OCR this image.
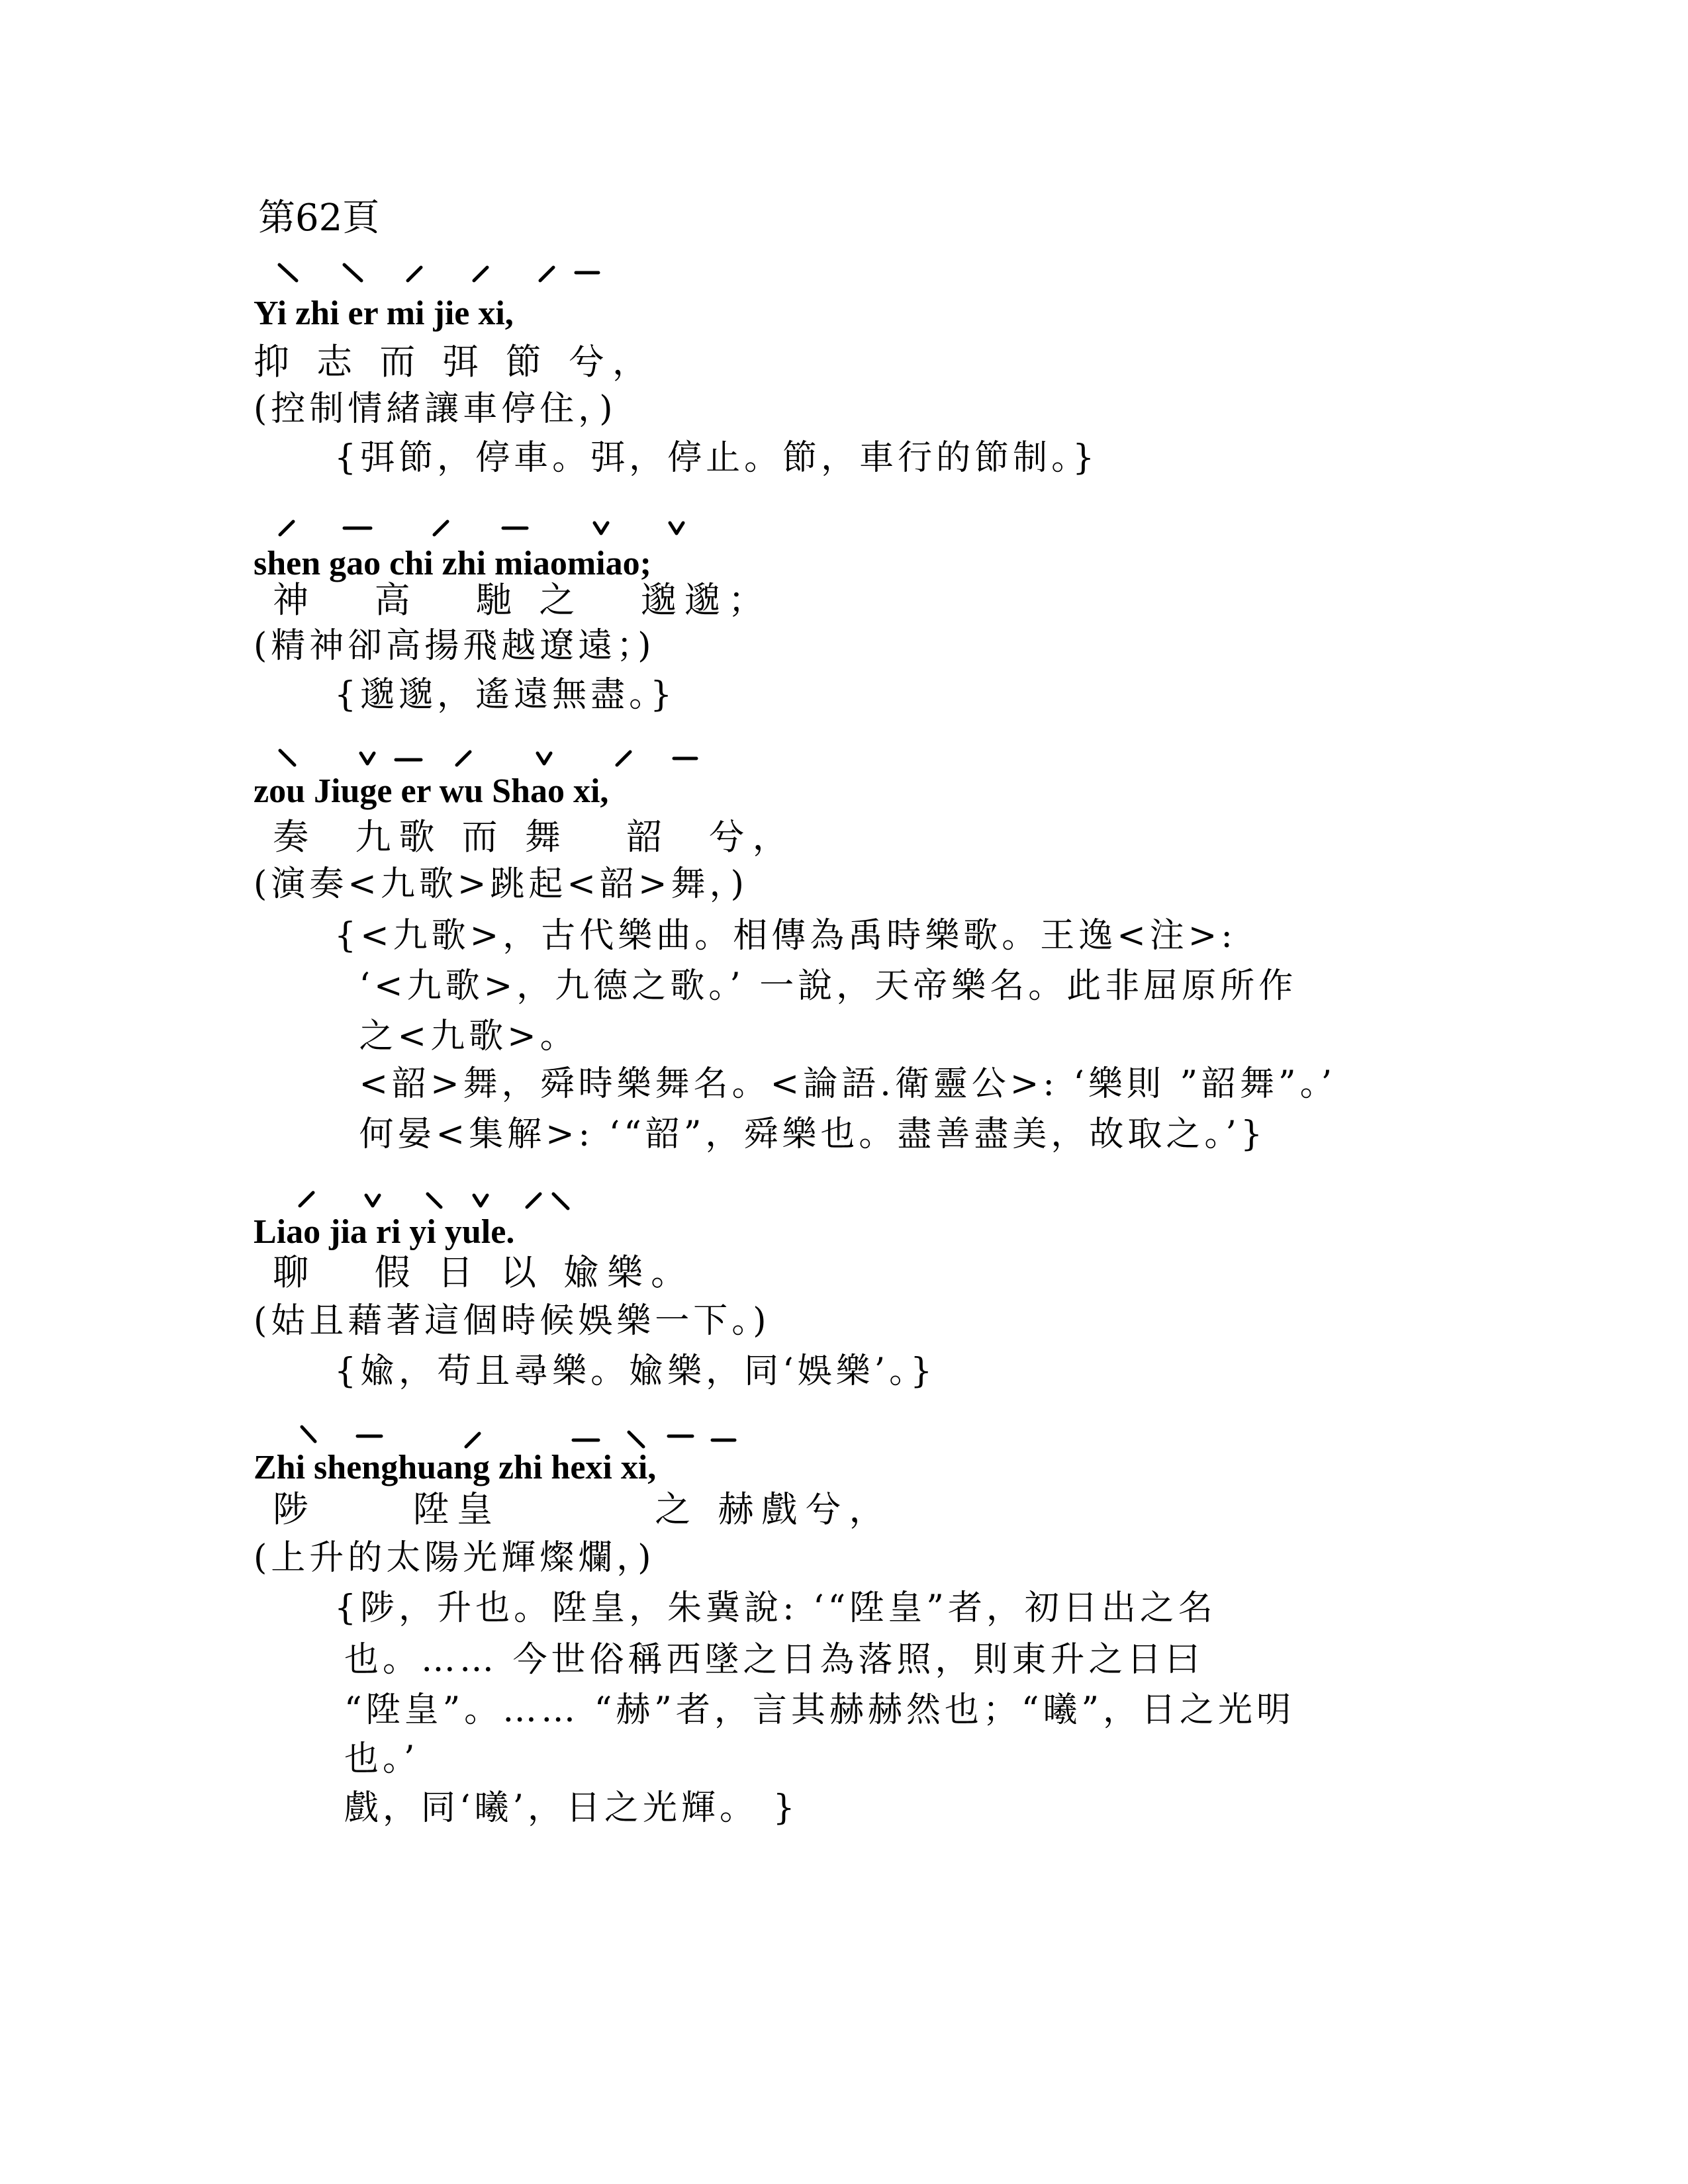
第62頁
Yi zhi er mi jie xi,
抑 志 而 弭 節 兮，
(控制情緒讓車停住，)
{弭節，停車。弭，停止。節，車行的節制。}
shen gao chi zhi miaomiao;
神   高   馳 之   邈邈；
(精神卻高揚飛越遼遠；)
{邈邈，遙遠無盡。}
zou Jiuge er wu Shao xi,
奏  九歌 而 舞   韶  兮，
(演奏<九歌>跳起<韶>舞，)
{<九歌>，古代樂曲。相傳為禹時樂歌。王逸<注>:
‘<九歌>，九德之歌。’ 一說，天帝樂名。此非屈原所作
之<九歌>。
<韶>舞，舜時樂舞名。<論語.衛靈公>: ‘樂則 ”韶舞”。’
何晏<集解>: ‘“韶”，舜樂也。盡善盡美，故取之。’}
Liao jia ri yi yule.
聊   假 日 以 婾樂。
(姑且藉著這個時候娛樂一下。)
{婾，苟且尋樂。婾樂，同‘娛樂’。}
Zhi shenghuang zhi hexi xi,
陟     陞皇        之 赫戲兮，
(上升的太陽光輝燦爛，)
{陟，升也。陞皇，朱冀說: ‘“陞皇”者，初日出之名
也。…… 今世俗稱西墜之日為落照，則東升之日曰
“陞皇”。…… “赫”者，言其赫赫然也；“曦”，日之光明
也。’
戲，同‘曦’，日之光輝。 }
